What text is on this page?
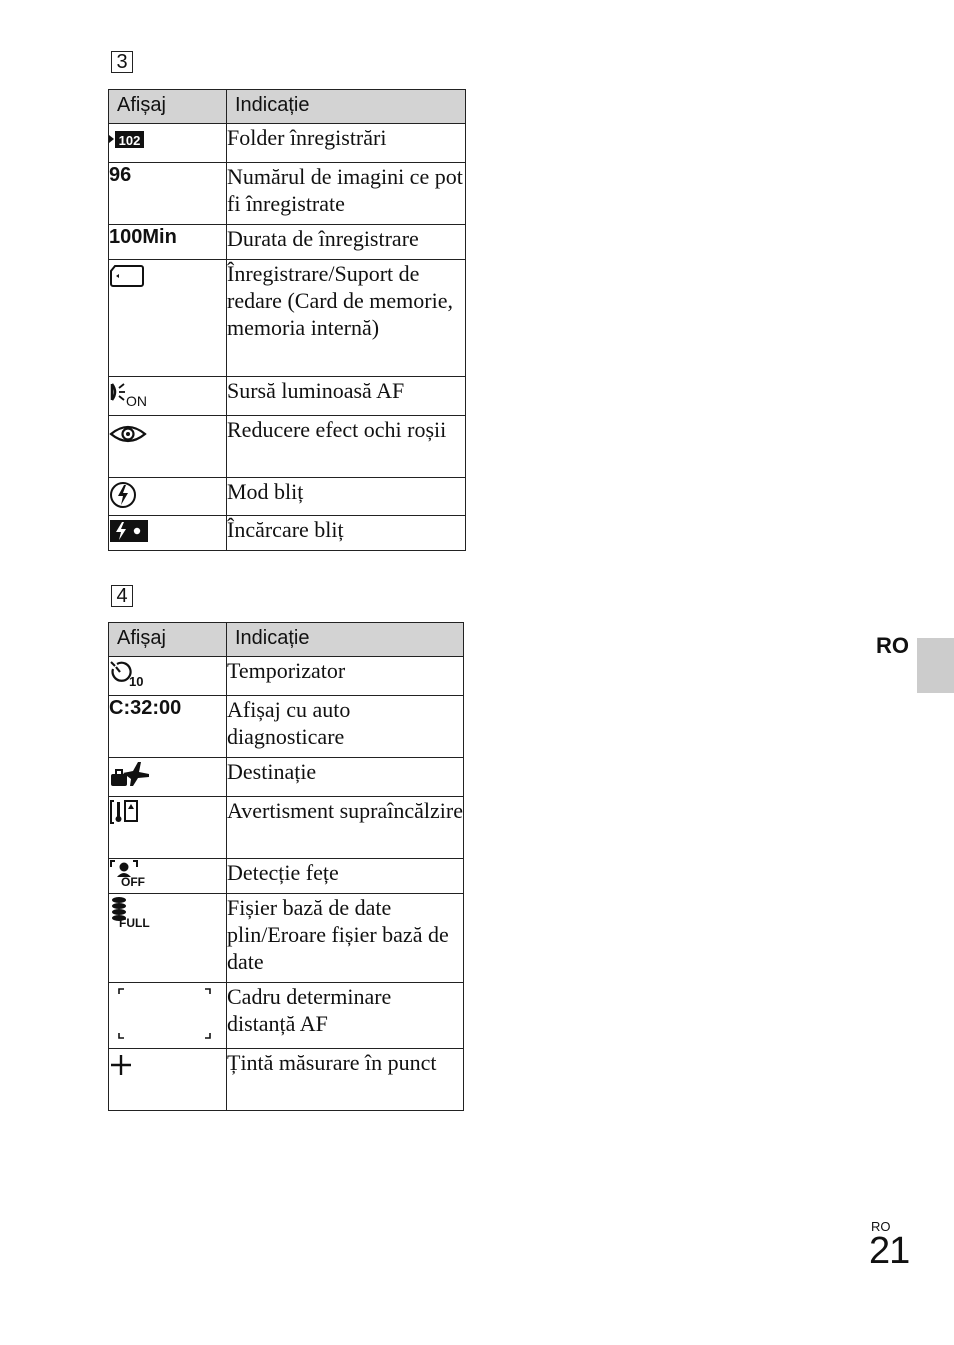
3
Afișaj	Indicație

102	Folder înregistrări
96	Numărul de imagini ce pot fi înregistrate
100Min	Durata de înregistrare

	Înregistrare/Suport de redare (Card de memorie, memoria internă)

ON	Sursă luminoasă AF

	Reducere efect ochi roșii

	Mod bliț

	Încărcare bliț
4
Afișaj	Indicație

10	Temporizator
C:32:00	Afișaj cu auto diagnosticare

	Destinație

	Avertisment supraîncălzire

OFF	Detecție fețe

FULL	Fișier bază de date plin/Eroare fișier bază de date

	Cadru determinare distanță AF

	Țintă măsurare în punct
RO
RO
21
